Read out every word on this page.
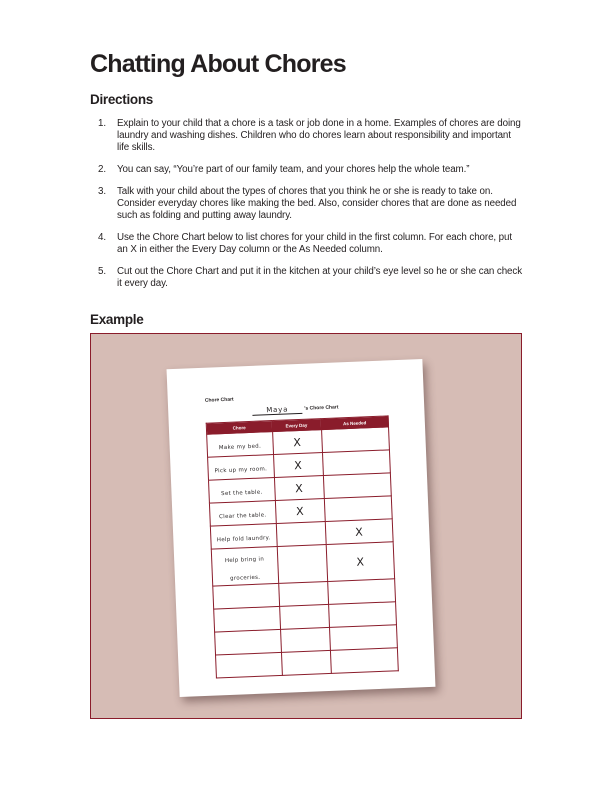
Chatting About Chores
Directions
1. Explain to your child that a chore is a task or job done in a home. Examples of chores are doing laundry and washing dishes. Children who do chores learn about responsibility and important life skills.
2. You can say, “You’re part of our family team, and your chores help the whole team.”
3. Talk with your child about the types of chores that you think he or she is ready to take on. Consider everyday chores like making the bed. Also, consider chores that are done as needed such as folding and putting away laundry.
4. Use the Chore Chart below to list chores for your child in the first column. For each chore, put an X in either the Every Day column or the As Needed column.
5. Cut out the Chore Chart and put it in the kitchen at your child’s eye level so he or she can check it every day.
Example
Chore Chart
Maya	’s Chore Chart
Chore	Every Day	As Needed
Make my bed.	X	
Pick up my room.	X	
Set the table.	X	
Clear the table.	X	
Help fold laundry.		X
Help bring in groceries.		X
